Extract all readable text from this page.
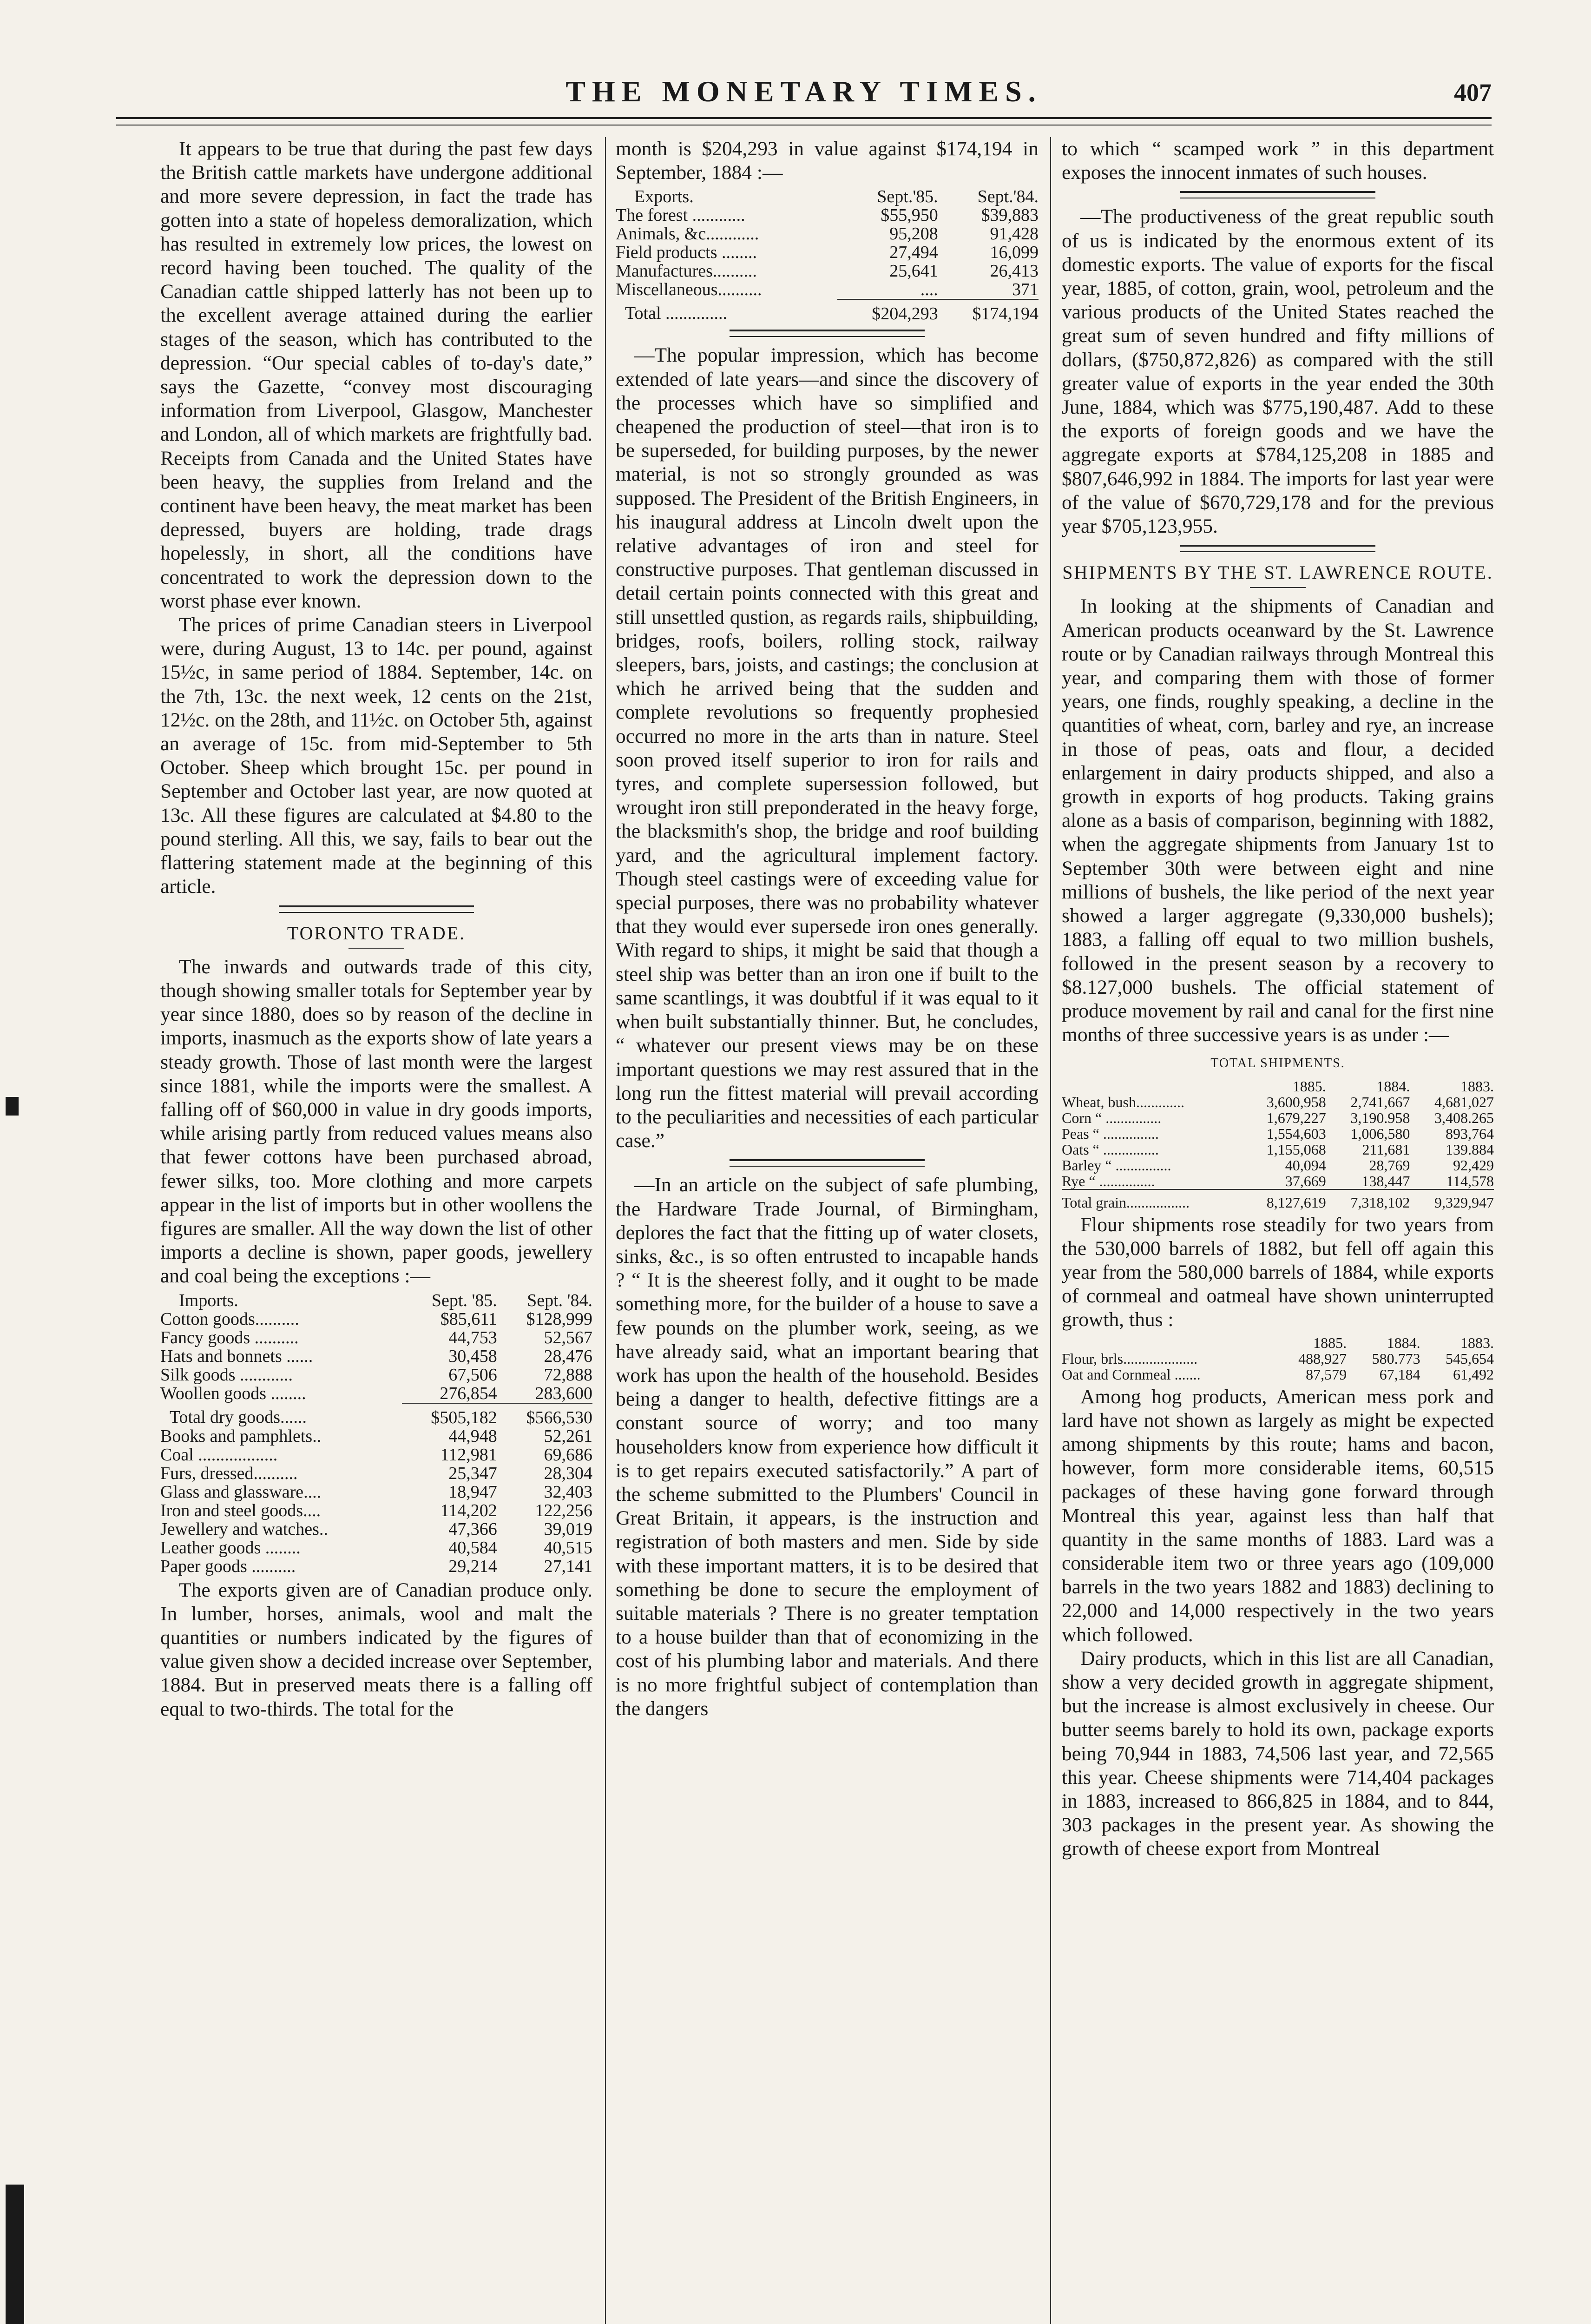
THE MONETARY TIMES.	407

It appears to be true that during the past few days the British cattle markets have undergone additional and more severe depression, in fact the trade has gotten into a state of hopeless demoralization, which has resulted in extremely low prices, the lowest on record having been touched. The quality of the Canadian cattle shipped latterly has not been up to the excellent average attained during the earlier stages of the season, which has contributed to the depression. “Our special cables of to-day's date,” says the Gazette, “convey most discouraging information from Liverpool, Glasgow, Manchester and London, all of which markets are frightfully bad. Receipts from Canada and the United States have been heavy, the supplies from Ireland and the continent have been heavy, the meat market has been depressed, buyers are holding, trade drags hopelessly, in short, all the conditions have concentrated to work the depression down to the worst phase ever known.

The prices of prime Canadian steers in Liverpool were, during August, 13 to 14c. per pound, against 15½c, in same period of 1884. September, 14c. on the 7th, 13c. the next week, 12 cents on the 21st, 12½c. on the 28th, and 11½c. on October 5th, against an average of 15c. from mid-September to 5th October. Sheep which brought 15c. per pound in September and October last year, are now quoted at 13c. All these figures are calculated at $4.80 to the pound sterling. All this, we say, fails to bear out the flattering statement made at the beginning of this article.

TORONTO TRADE.

The inwards and outwards trade of this city, though showing smaller totals for September year by year since 1880, does so by reason of the decline in imports, inasmuch as the exports show of late years a steady growth. Those of last month were the largest since 1881, while the imports were the smallest. A falling off of $60,000 in value in dry goods imports, while arising partly from reduced values means also that fewer cottons have been purchased abroad, fewer silks, too. More clothing and more carpets appear in the list of imports but in other woollens the figures are smaller. All the way down the list of other imports a decline is shown, paper goods, jewellery and coal being the exceptions :—

Imports.	Sept. '85.	Sept. '84.
Cotton goods..........	$85,611	$128,999
Fancy goods ..........	44,753	52,567
Hats and bonnets ......	30,458	28,476
Silk goods ............	67,506	72,888
Woollen goods ........	276,854	283,600
Total dry goods......	$505,182	$566,530
Books and pamphlets..	44,948	52,261
Coal ..................	112,981	69,686
Furs, dressed..........	25,347	28,304
Glass and glassware....	18,947	32,403
Iron and steel goods....	114,202	122,256
Jewellery and watches..	47,366	39,019
Leather goods ........	40,584	40,515
Paper goods ..........	29,214	27,141

The exports given are of Canadian produce only. In lumber, horses, animals, wool and malt the quantities or numbers indicated by the figures of value given show a decided increase over September, 1884. But in preserved meats there is a falling off equal to two-thirds. The total for the

month is $204,293 in value against $174,194 in September, 1884 :—

Exports.	Sept.'85.	Sept.'84.
The forest ............	$55,950	$39,883
Animals, &c............	95,208	91,428
Field products ........	27,494	16,099
Manufactures..........	25,641	26,413
Miscellaneous..........	....	371
Total ..............	$204,293	$174,194

—The popular impression, which has become extended of late years—and since the discovery of the processes which have so simplified and cheapened the production of steel—that iron is to be superseded, for building purposes, by the newer material, is not so strongly grounded as was supposed. The President of the British Engineers, in his inaugural address at Lincoln dwelt upon the relative advantages of iron and steel for constructive purposes. That gentleman discussed in detail certain points connected with this great and still unsettled qustion, as regards rails, shipbuilding, bridges, roofs, boilers, rolling stock, railway sleepers, bars, joists, and castings; the conclusion at which he arrived being that the sudden and complete revolutions so frequently prophesied occurred no more in the arts than in nature. Steel soon proved itself superior to iron for rails and tyres, and complete supersession followed, but wrought iron still preponderated in the heavy forge, the blacksmith's shop, the bridge and roof building yard, and the agricultural implement factory. Though steel castings were of exceeding value for special purposes, there was no probability whatever that they would ever supersede iron ones generally. With regard to ships, it might be said that though a steel ship was better than an iron one if built to the same scantlings, it was doubtful if it was equal to it when built substantially thinner. But, he concludes, “ whatever our present views may be on these important questions we may rest assured that in the long run the fittest material will prevail according to the peculiarities and necessities of each particular case.”

—In an article on the subject of safe plumbing, the Hardware Trade Journal, of Birmingham, deplores the fact that the fitting up of water closets, sinks, &c., is so often entrusted to incapable hands ? “ It is the sheerest folly, and it ought to be made something more, for the builder of a house to save a few pounds on the plumber work, seeing, as we have already said, what an important bearing that work has upon the health of the household. Besides being a danger to health, defective fittings are a constant source of worry; and too many householders know from experience how difficult it is to get repairs executed satisfactorily.” A part of the scheme submitted to the Plumbers' Council in Great Britain, it appears, is the instruction and registration of both masters and men. Side by side with these important matters, it is to be desired that something be done to secure the employment of suitable materials ? There is no greater temptation to a house builder than that of economizing in the cost of his plumbing labor and materials. And there is no more frightful subject of contemplation than the dangers

to which “ scamped work ” in this department exposes the innocent inmates of such houses.

—The productiveness of the great republic south of us is indicated by the enormous extent of its domestic exports. The value of exports for the fiscal year, 1885, of cotton, grain, wool, petroleum and the various products of the United States reached the great sum of seven hundred and fifty millions of dollars, ($750,872,826) as compared with the still greater value of exports in the year ended the 30th June, 1884, which was $775,190,487. Add to these the exports of foreign goods and we have the aggregate exports at $784,125,208 in 1885 and $807,646,992 in 1884. The imports for last year were of the value of $670,729,178 and for the previous year $705,123,955.

SHIPMENTS BY THE ST. LAWRENCE ROUTE.

In looking at the shipments of Canadian and American products oceanward by the St. Lawrence route or by Canadian railways through Montreal this year, and comparing them with those of former years, one finds, roughly speaking, a decline in the quantities of wheat, corn, barley and rye, an increase in those of peas, oats and flour, a decided enlargement in dairy products shipped, and also a growth in exports of hog products. Taking grains alone as a basis of comparison, beginning with 1882, when the aggregate shipments from January 1st to September 30th were between eight and nine millions of bushels, the like period of the next year showed a larger aggregate (9,330,000 bushels); 1883, a falling off equal to two million bushels, followed in the present season by a recovery to $8.127,000 bushels. The official statement of produce movement by rail and canal for the first nine months of three successive years is as under :—

TOTAL SHIPMENTS.
	1885.	1884.	1883.
Wheat, bush.............	3,600,958	2,741,667	4,681,027
Corn “ ...............	1,679,227	3,190.958	3,408.265
Peas “ ...............	1,554,603	1,006,580	893,764
Oats “ ...............	1,155,068	211,681	139.884
Barley “ ...............	40,094	28,769	92,429
Rye “ ...............	37,669	138,447	114,578
Total grain.................	8,127,619	7,318,102	9,329,947

Flour shipments rose steadily for two years from the 530,000 barrels of 1882, but fell off again this year from the 580,000 barrels of 1884, while exports of cornmeal and oatmeal have shown uninterrupted growth, thus :

	1885.	1884.	1883.
Flour, brls....................	488,927	580.773	545,654
Oat and Cornmeal .......	87,579	67,184	61,492

Among hog products, American mess pork and lard have not shown as largely as might be expected among shipments by this route; hams and bacon, however, form more considerable items, 60,515 packages of these having gone forward through Montreal this year, against less than half that quantity in the same months of 1883. Lard was a considerable item two or three years ago (109,000 barrels in the two years 1882 and 1883) declining to 22,000 and 14,000 respectively in the two years which followed.

Dairy products, which in this list are all Canadian, show a very decided growth in aggregate shipment, but the increase is almost exclusively in cheese. Our butter seems barely to hold its own, package exports being 70,944 in 1883, 74,506 last year, and 72,565 this year. Cheese shipments were 714,404 packages in 1883, increased to 866,825 in 1884, and to 844, 303 packages in the present year. As showing the growth of cheese export from Montreal
